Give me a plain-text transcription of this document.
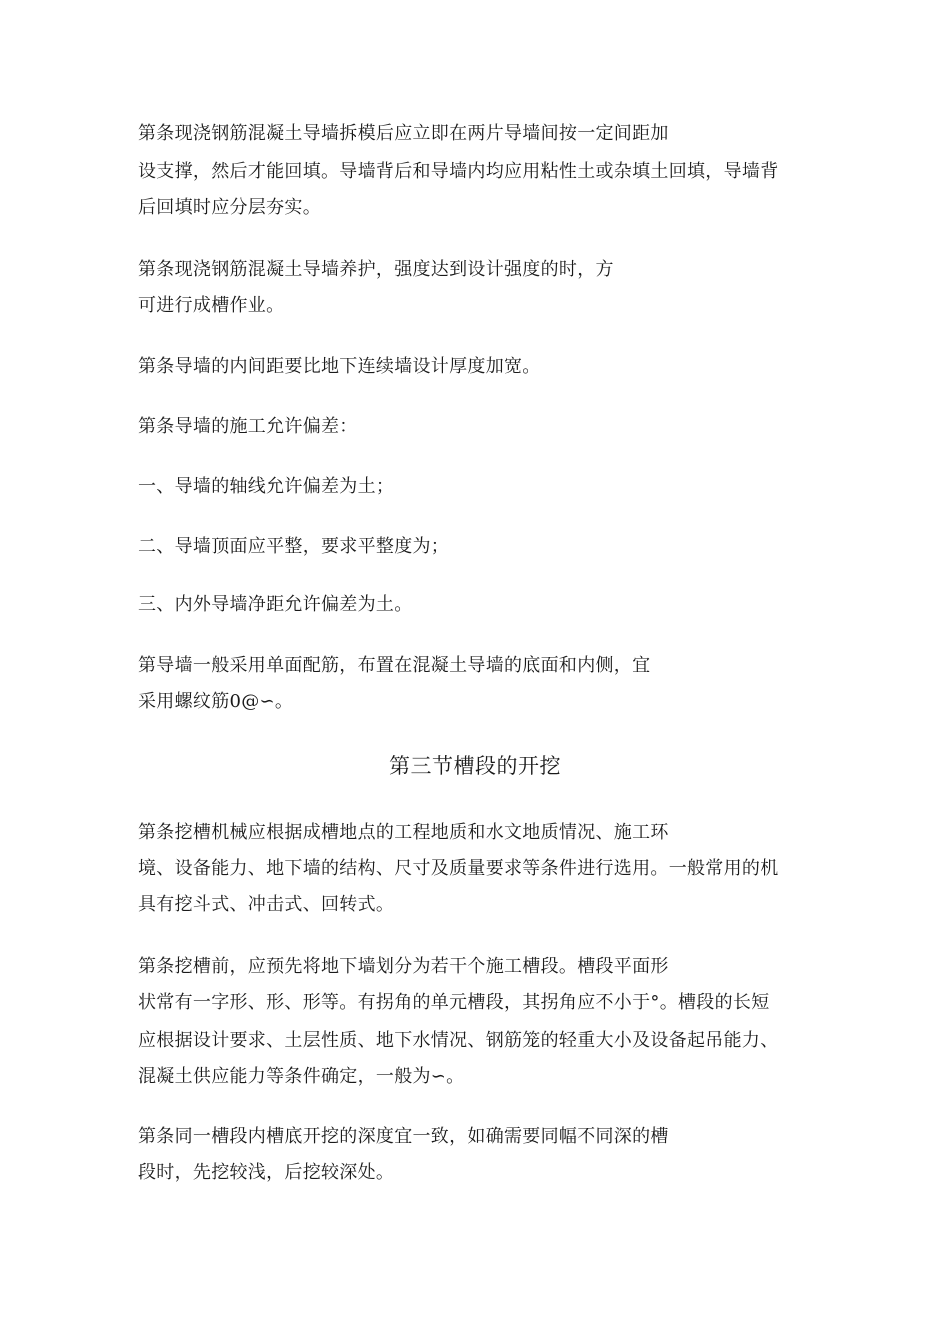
第条现浇钢筋混凝土导墙拆模后应立即在两片导墙间按一定间距加
设支撑，然后才能回填。导墙背后和导墙内均应用粘性土或杂填土回填，导墙背
后回填时应分层夯实。
第条现浇钢筋混凝土导墙养护，强度达到设计强度的时，方
可进行成槽作业。
第条导墙的内间距要比地下连续墙设计厚度加宽。
第条导墙的施工允许偏差：
一、导墙的轴线允许偏差为土；
二、导墙顶面应平整，要求平整度为；
三、内外导墙净距允许偏差为土。
第导墙一般采用单面配筋，布置在混凝土导墙的底面和内侧，宜
采用螺纹筋0@∽。
第三节槽段的开挖
第条挖槽机械应根据成槽地点的工程地质和水文地质情况、施工环
境、设备能力、地下墙的结构、尺寸及质量要求等条件进行选用。一般常用的机
具有挖斗式、冲击式、回转式。
第条挖槽前，应预先将地下墙划分为若干个施工槽段。槽段平面形
状常有一字形、形、形等。有拐角的单元槽段，其拐角应不小于°。槽段的长短
应根据设计要求、土层性质、地下水情况、钢筋笼的轻重大小及设备起吊能力、
混凝土供应能力等条件确定，一般为∽。
第条同一槽段内槽底开挖的深度宜一致，如确需要同幅不同深的槽
段时，先挖较浅，后挖较深处。
